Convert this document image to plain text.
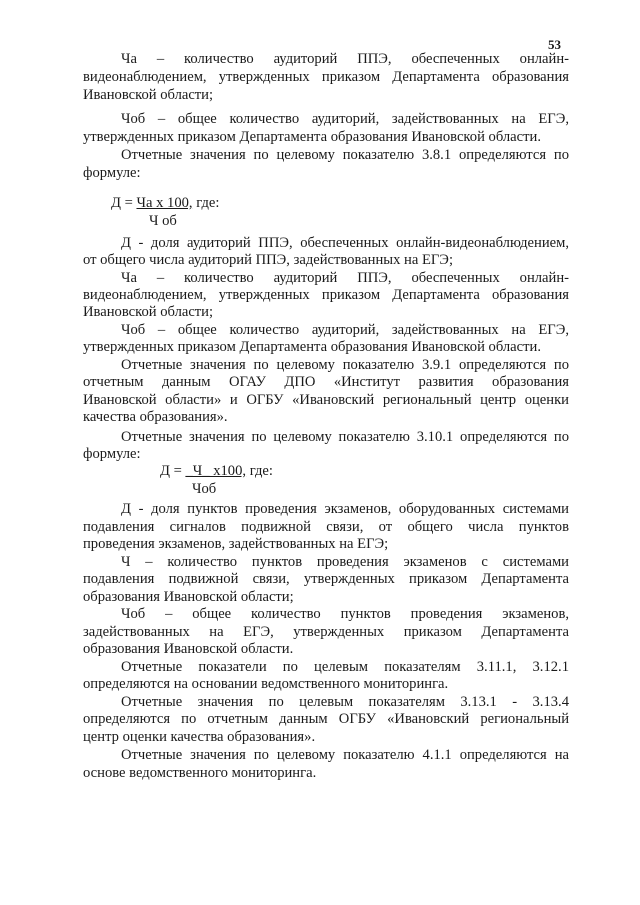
53
Ча – количество аудиторий ППЭ, обеспеченных онлайн-
видеонаблюдением, утвержденных приказом Департамента образования
Ивановской области;
Чоб – общее количество аудиторий, задействованных на ЕГЭ,
утвержденных приказом Департамента образования Ивановской области.
Отчетные значения по целевому показателю 3.8.1 определяются по
формуле:
Д = Ча х 100, где:
Ч об
Д - доля аудиторий ППЭ, обеспеченных онлайн-видеонаблюдением,
от общего числа аудиторий ППЭ, задействованных на ЕГЭ;
Ча – количество аудиторий ППЭ, обеспеченных онлайн-
видеонаблюдением, утвержденных приказом Департамента образования
Ивановской области;
Чоб – общее количество аудиторий, задействованных на ЕГЭ,
утвержденных приказом Департамента образования Ивановской области.
Отчетные значения по целевому показателю 3.9.1 определяются по
отчетным данным ОГАУ ДПО «Институт развития образования
Ивановской области» и ОГБУ «Ивановский региональный центр оценки
качества образования».
Отчетные значения по целевому показателю 3.10.1 определяются по
формуле:
Д = _Ч_ х100, где:
Чоб
Д - доля пунктов проведения экзаменов, оборудованных системами
подавления сигналов подвижной связи, от общего числа пунктов
проведения экзаменов, задействованных на ЕГЭ;
Ч – количество пунктов проведения экзаменов с системами
подавления подвижной связи, утвержденных приказом Департамента
образования Ивановской области;
Чоб – общее количество пунктов проведения экзаменов,
задействованных на ЕГЭ, утвержденных приказом Департамента
образования Ивановской области.
Отчетные показатели по целевым показателям 3.11.1, 3.12.1
определяются на основании ведомственного мониторинга.
Отчетные значения по целевым показателям 3.13.1 - 3.13.4
определяются по отчетным данным ОГБУ «Ивановский региональный
центр оценки качества образования».
Отчетные значения по целевому показателю 4.1.1 определяются на
основе ведомственного мониторинга.
